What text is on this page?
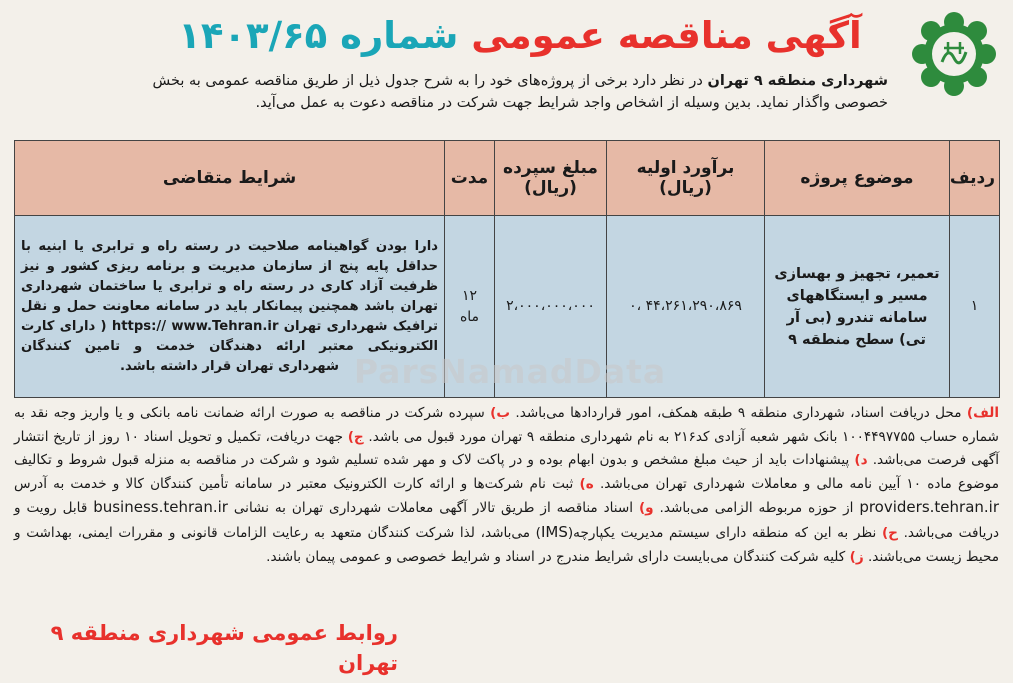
آگهی مناقصه عمومی شماره ۱۴۰۳/۶۵
شهرداری منطقه ۹ تهران در نظر دارد برخی از پروژه‌های خود را به شرح جدول ذیل از طریق مناقصه عمومی به بخش خصوصی واگذار نماید. بدین وسیله از اشخاص واجد شرایط جهت شرکت در مناقصه دعوت به عمل می‌آید.
ردیف	موضوع پروژه	برآورد اولیه (ریال)	مبلغ سپرده (ریال)	مدت	شرایط متقاضی
۱	تعمیر، تجهیز و بهسازی مسیر و ایستگاههای سامانه تندرو (بی آر تی) سطح منطقه ۹	۴۴،۲۶۱،۲۹۰،۸۶۹ ،۰	۲،۰۰۰،۰۰۰،۰۰۰	۱۲ ماه	دارا بودن گواهینامه صلاحیت در رسته راه و ترابری یا ابنیه با حداقل پایه پنج از سازمان مدیریت و برنامه ریزی کشور و نیز ظرفیت آزاد کاری در رسته راه و ترابری یا ساختمان شهرداری تهران باشد همچنین پیمانکار باید در سامانه معاونت حمل و نقل ترافیک شهرداری تهران https:// www.Tehran.ir ( دارای کارت الکترونیکی معتبر ارائه دهندگان خدمت و تامین کنندگان شهرداری تهران قرار داشته باشد. ParsNamadData
الف) محل دریافت اسناد، شهرداری منطقه ۹ طبقه همکف، امور قراردادها می‌باشد. ب) سپرده شرکت در مناقصه به صورت ارائه ضمانت نامه بانکی و یا واریز وجه نقد به شماره حساب ۱۰۰۴۴۹۷۷۵۵ بانک شهر شعبه آزادی کد۲۱۶ به نام شهرداری منطقه ۹ تهران مورد قبول می باشد. ج) جهت دریافت، تکمیل و تحویل اسناد ۱۰ روز از تاریخ انتشار آگهی فرصت می‌باشد. د) پیشنهادات باید از حیث مبلغ مشخص و بدون ابهام بوده و در پاکت لاک و مهر شده تسلیم شود و شرکت در مناقصه به منزله قبول شروط و تکالیف موضوع ماده ۱۰ آیین نامه مالی و معاملات شهرداری تهران می‌باشد. ه) ثبت نام شرکت‌ها و ارائه کارت الکترونیک معتبر در سامانه تأمین کنندگان کالا و خدمت به آدرس providers.tehran.ir از حوزه مربوطه الزامی می‌باشد. و) اسناد مناقصه از طریق تالار آگهی معاملات شهرداری تهران به نشانی business.tehran.ir قابل رویت و دریافت می‌باشد. ح) نظر به این که منطقه دارای سیستم مدیریت یکپارچه(IMS) می‌باشد، لذا شرکت کنندگان متعهد به رعایت الزامات قانونی و مقررات ایمنی، بهداشت و محیط زیست می‌باشند. ز) کلیه شرکت کنندگان می‌بایست دارای شرایط مندرج در اسناد و شرایط خصوصی و عمومی پیمان باشند.
روابط عمومی شهرداری منطقه ۹ تهران
